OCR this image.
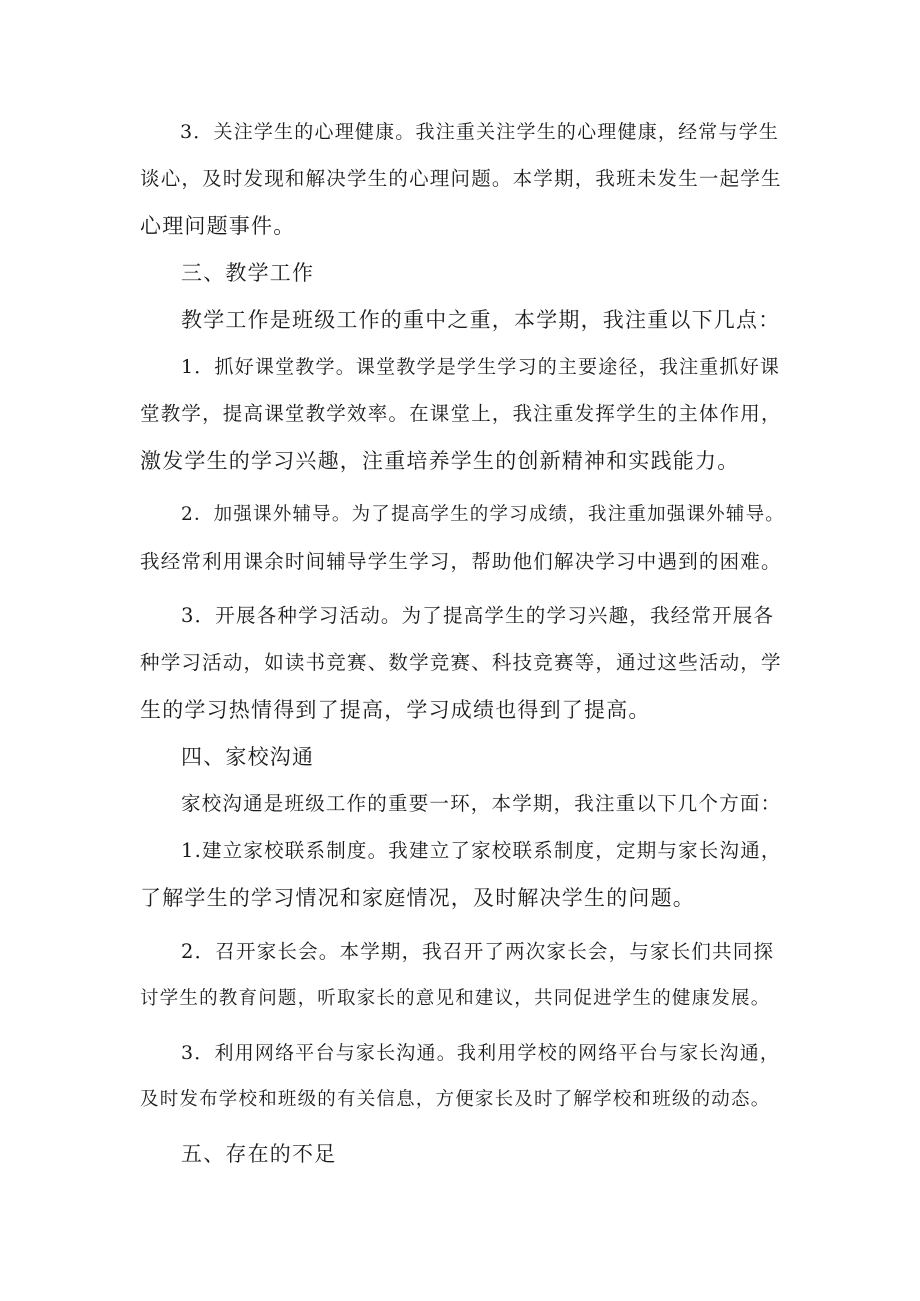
3．关注学生的心理健康。我注重关注学生的心理健康，经常与学生
谈心，及时发现和解决学生的心理问题。本学期，我班未发生一起学生
心理问题事件。
三、教学工作
教学工作是班级工作的重中之重，本学期，我注重以下几点：
1．抓好课堂教学。课堂教学是学生学习的主要途径，我注重抓好课
堂教学，提高课堂教学效率。在课堂上，我注重发挥学生的主体作用，
激发学生的学习兴趣，注重培养学生的创新精神和实践能力。
2．加强课外辅导。为了提高学生的学习成绩，我注重加强课外辅导。
我经常利用课余时间辅导学生学习，帮助他们解决学习中遇到的困难。
3．开展各种学习活动。为了提高学生的学习兴趣，我经常开展各
种学习活动，如读书竞赛、数学竞赛、科技竞赛等，通过这些活动，学
生的学习热情得到了提高，学习成绩也得到了提高。
四、家校沟通
家校沟通是班级工作的重要一环，本学期，我注重以下几个方面：
1.建立家校联系制度。我建立了家校联系制度，定期与家长沟通，
了解学生的学习情况和家庭情况，及时解决学生的问题。
2．召开家长会。本学期，我召开了两次家长会，与家长们共同探
讨学生的教育问题，听取家长的意见和建议，共同促进学生的健康发展。
3．利用网络平台与家长沟通。我利用学校的网络平台与家长沟通，
及时发布学校和班级的有关信息，方便家长及时了解学校和班级的动态。
五、存在的不足
